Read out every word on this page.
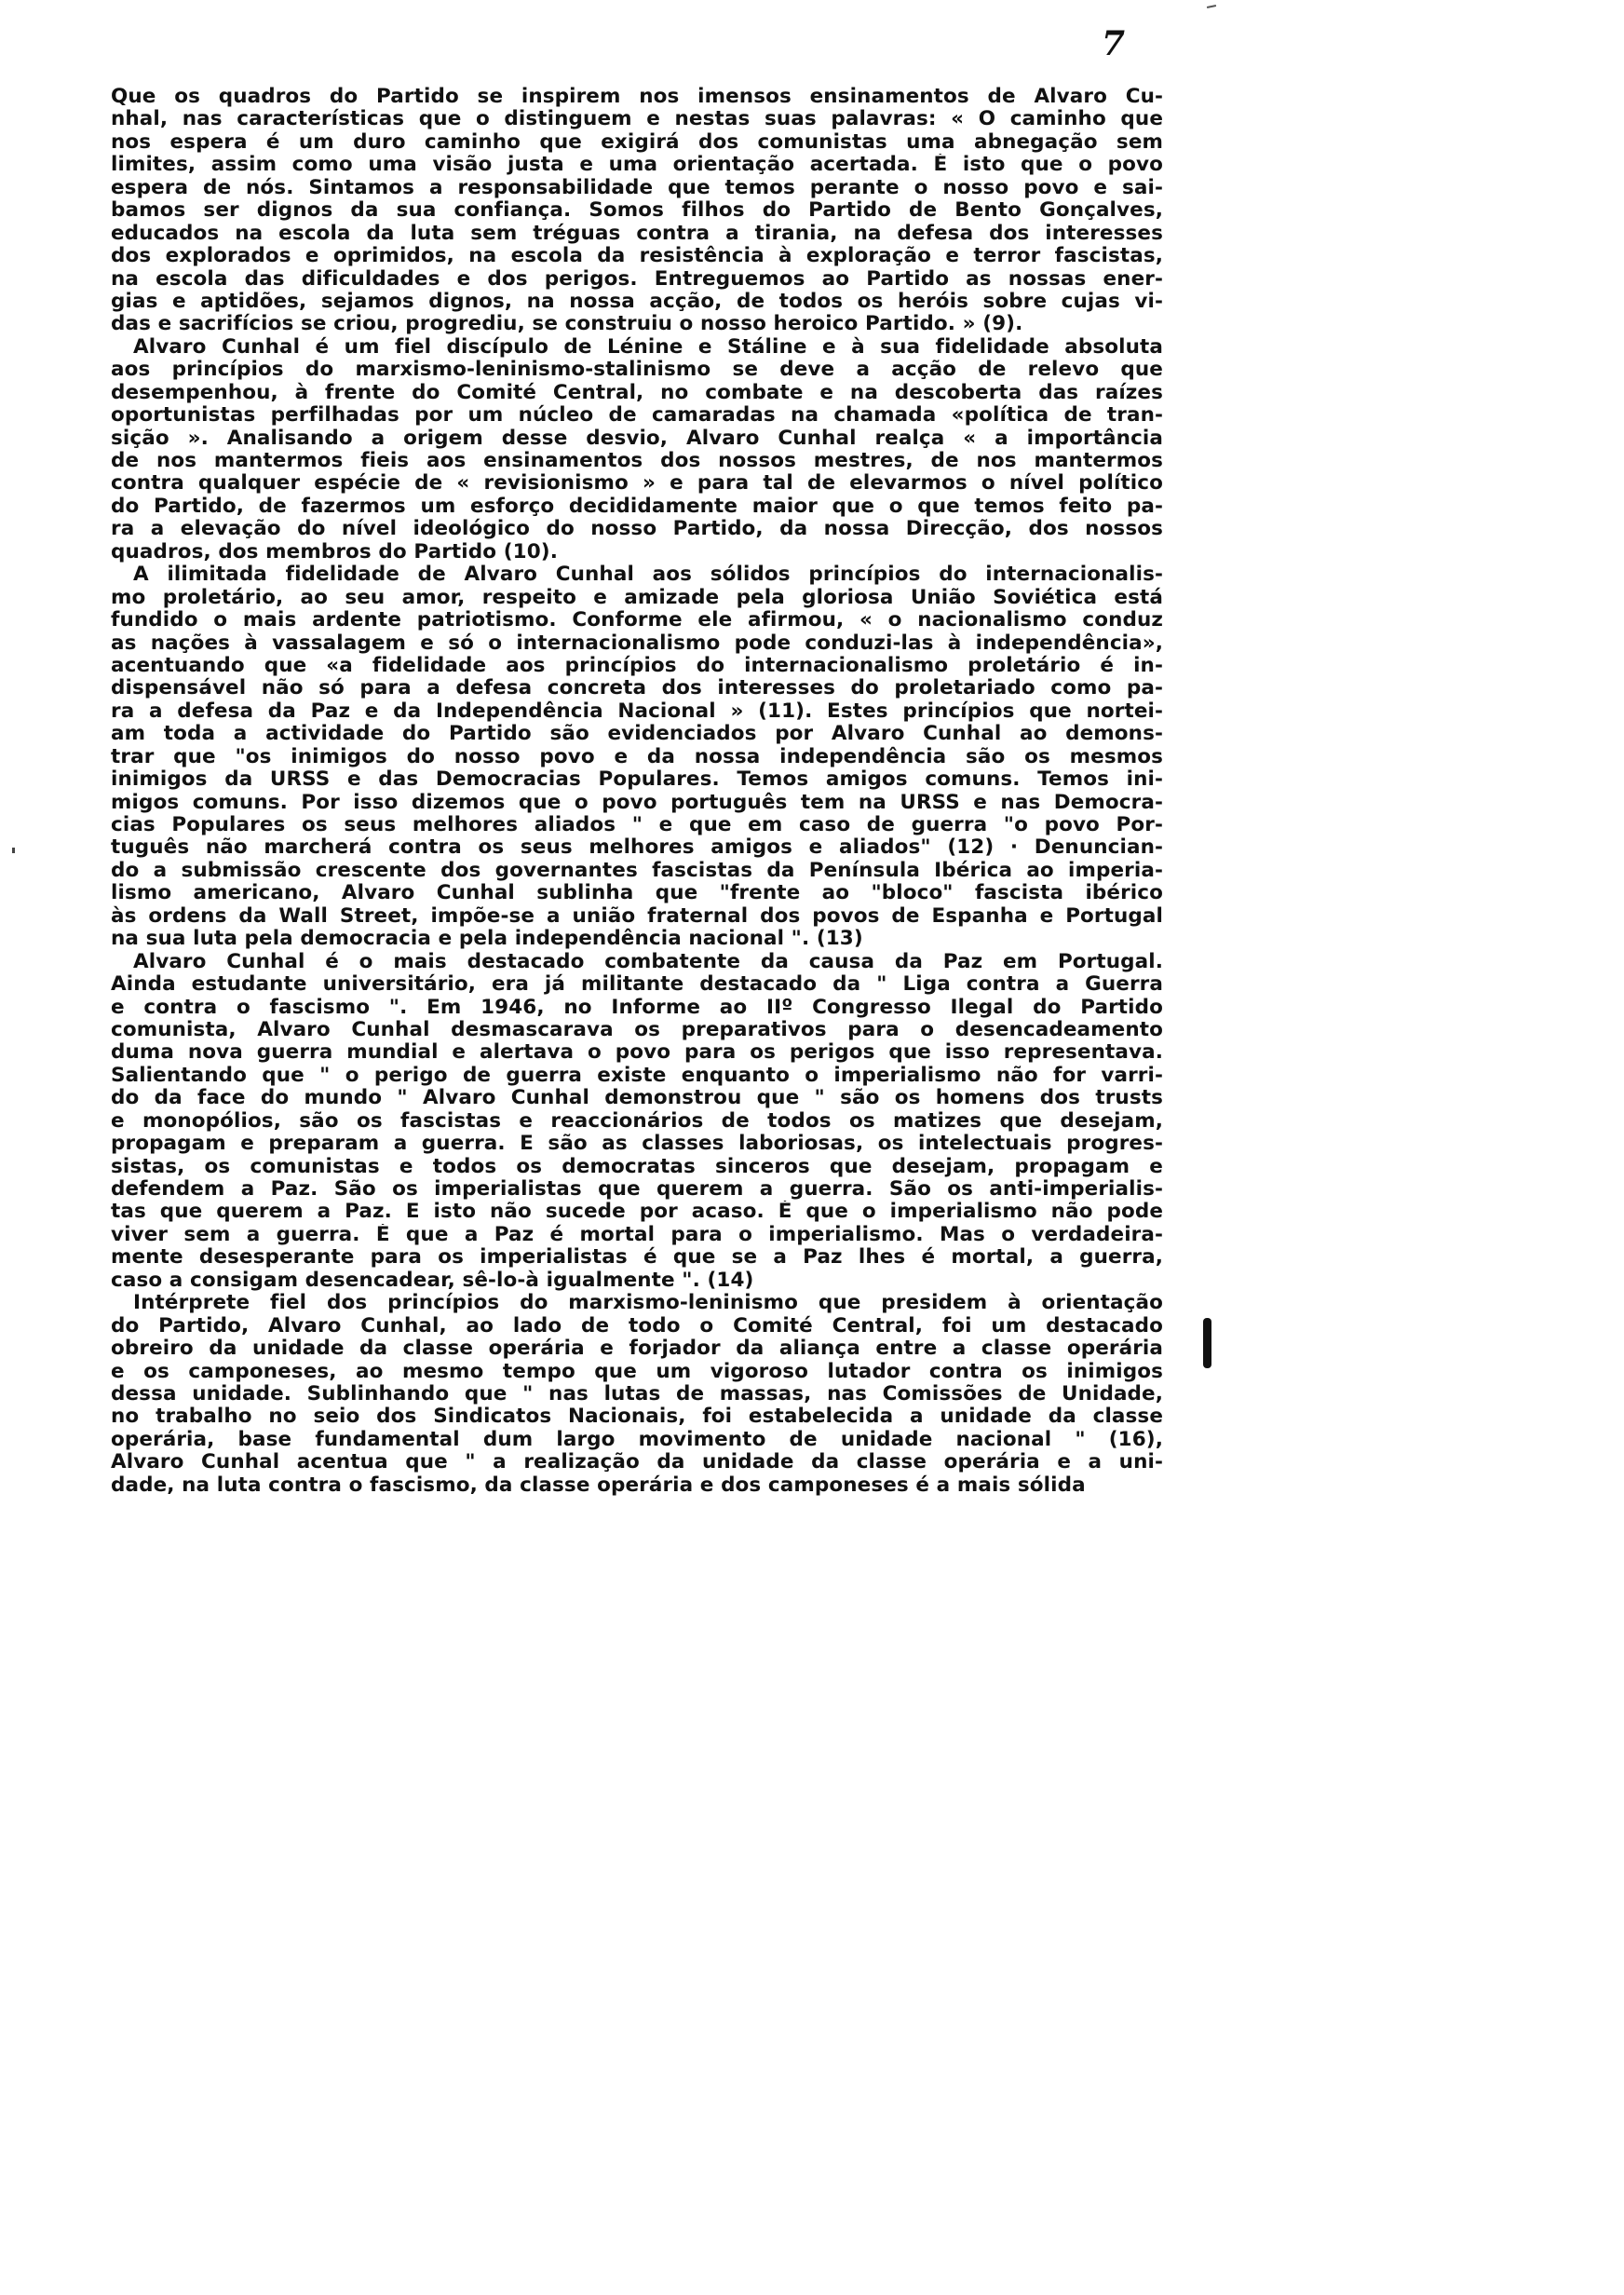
7
Que os quadros do Partido se inspirem nos imensos ensinamentos de Alvaro Cu-
nhal, nas características que o distinguem e nestas suas palavras: « O caminho que
nos espera é um duro caminho que exigirá dos comunistas uma abnegação sem
limites, assim como uma visão justa e uma orientação acertada. É isto que o povo
espera de nós. Sintamos a responsabilidade que temos perante o nosso povo e sai-
bamos ser dignos da sua confiança. Somos filhos do Partido de Bento Gonçalves,
educados na escola da luta sem tréguas contra a tirania, na defesa dos interesses
dos explorados e oprimidos, na escola da resistência à exploração e terror fascistas,
na escola das dificuldades e dos perigos. Entreguemos ao Partido as nossas ener-
gias e aptidões, sejamos dignos, na nossa acção, de todos os heróis sobre cujas vi-
das e sacrifícios se criou, progrediu, se construiu o nosso heroico Partido. » (9).
Alvaro Cunhal é um fiel discípulo de Lénine e Stáline e à sua fidelidade absoluta
aos princípios do marxismo-leninismo-stalinismo se deve a acção de relevo que
desempenhou, à frente do Comité Central, no combate e na descoberta das raízes
oportunistas perfilhadas por um núcleo de camaradas na chamada «política de tran-
sição ». Analisando a origem desse desvio, Alvaro Cunhal realça « a importância
de nos mantermos fieis aos ensinamentos dos nossos mestres, de nos mantermos
contra qualquer espécie de « revisionismo » e para tal de elevarmos o nível político
do Partido, de fazermos um esforço decididamente maior que o que temos feito pa-
ra a elevação do nível ideológico do nosso Partido, da nossa Direcção, dos nossos
quadros, dos membros do Partido (10).
A ilimitada fidelidade de Alvaro Cunhal aos sólidos princípios do internacionalis-
mo proletário, ao seu amor, respeito e amizade pela gloriosa União Soviética está
fundido o mais ardente patriotismo. Conforme ele afirmou, « o nacionalismo conduz
as nações à vassalagem e só o internacionalismo pode conduzi-las à independência»,
acentuando que «a fidelidade aos princípios do internacionalismo proletário é in-
dispensável não só para a defesa concreta dos interesses do proletariado como pa-
ra a defesa da Paz e da Independência Nacional » (11). Estes princípios que nortei-
am toda a actividade do Partido são evidenciados por Alvaro Cunhal ao demons-
trar que "os inimigos do nosso povo e da nossa independência são os mesmos
inimigos da URSS e das Democracias Populares. Temos amigos comuns. Temos ini-
migos comuns. Por isso dizemos que o povo português tem na URSS e nas Democra-
cias Populares os seus melhores aliados " e que em caso de guerra "o povo Por-
tuguês não marcherá contra os seus melhores amigos e aliados" (12) · Denuncian-
do a submissão crescente dos governantes fascistas da Península Ibérica ao imperia-
lismo americano, Alvaro Cunhal sublinha que "frente ao "bloco" fascista ibérico
às ordens da Wall Street, impõe-se a união fraternal dos povos de Espanha e Portugal
na sua luta pela democracia e pela independência nacional ". (13)
Alvaro Cunhal é o mais destacado combatente da causa da Paz em Portugal.
Ainda estudante universitário, era já militante destacado da " Liga contra a Guerra
e contra o fascismo ". Em 1946, no Informe ao IIº Congresso Ilegal do Partido
comunista, Alvaro Cunhal desmascarava os preparativos para o desencadeamento
duma nova guerra mundial e alertava o povo para os perigos que isso representava.
Salientando que " o perigo de guerra existe enquanto o imperialismo não for varri-
do da face do mundo " Alvaro Cunhal demonstrou que " são os homens dos trusts
e monopólios, são os fascistas e reaccionários de todos os matizes que desejam,
propagam e preparam a guerra. E são as classes laboriosas, os intelectuais progres-
sistas, os comunistas e todos os democratas sinceros que desejam, propagam e
defendem a Paz. São os imperialistas que querem a guerra. São os anti-imperialis-
tas que querem a Paz. E isto não sucede por acaso. É que o imperialismo não pode
viver sem a guerra. É que a Paz é mortal para o imperialismo. Mas o verdadeira-
mente desesperante para os imperialistas é que se a Paz lhes é mortal, a guerra,
caso a consigam desencadear, sê-lo-à igualmente ". (14)
Intérprete fiel dos princípios do marxismo-leninismo que presidem à orientação
do Partido, Alvaro Cunhal, ao lado de todo o Comité Central, foi um destacado
obreiro da unidade da classe operária e forjador da aliança entre a classe operária
e os camponeses, ao mesmo tempo que um vigoroso lutador contra os inimigos
dessa unidade. Sublinhando que " nas lutas de massas, nas Comissões de Unidade,
no trabalho no seio dos Sindicatos Nacionais, foi estabelecida a unidade da classe
operária, base fundamental dum largo movimento de unidade nacional " (16),
Alvaro Cunhal acentua que " a realização da unidade da classe operária e a uni-
dade, na luta contra o fascismo, da classe operária e dos camponeses é a mais sólida
